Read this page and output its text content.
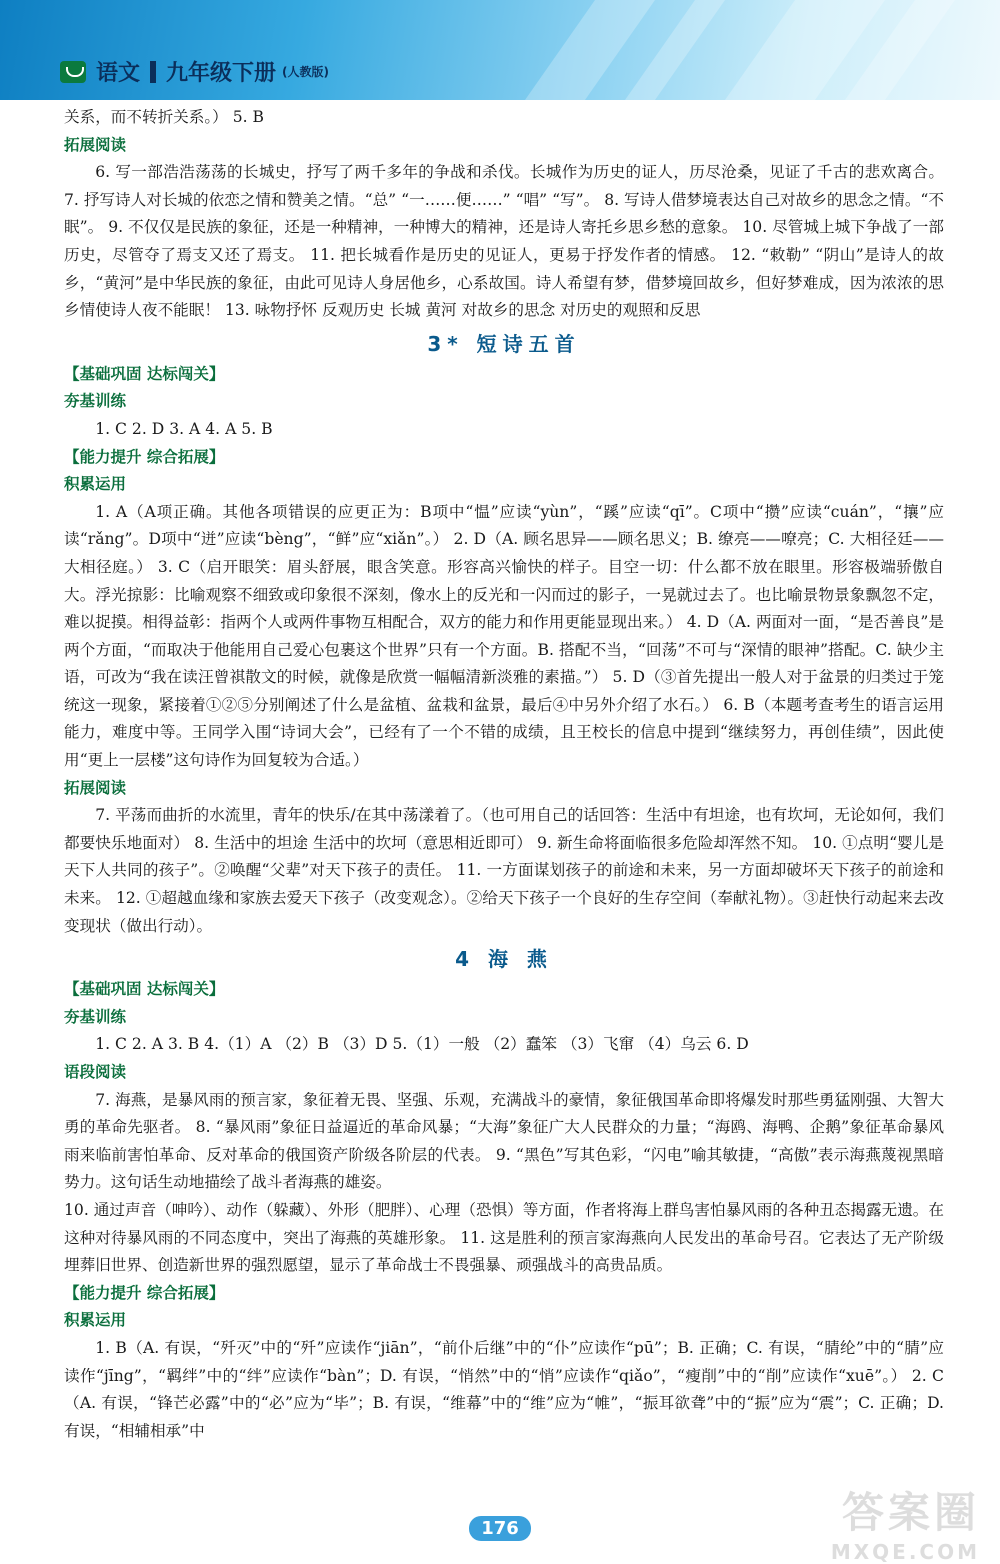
语文 九年级下册 (人教版)

关系，而不转折关系。） 5. B

拓展阅读

6. 写一部浩浩荡荡的长城史，抒写了两千多年的争战和杀伐。长城作为历史的证人，历尽沧桑，见证了千古的悲欢离合。 7. 抒写诗人对长城的依恋之情和赞美之情。“总” “一……便……” “唱” “写”。 8. 写诗人借梦境表达自己对故乡的思念之情。“不眠”。 9. 不仅仅是民族的象征，还是一种精神，一种博大的精神，还是诗人寄托乡思乡愁的意象。 10. 尽管城上城下争战了一部历史，尽管夺了焉支又还了焉支。 11. 把长城看作是历史的见证人，更易于抒发作者的情感。 12. “敕勒” “阴山”是诗人的故乡，“黄河”是中华民族的象征，由此可见诗人身居他乡，心系故国。诗人希望有梦，借梦境回故乡，但好梦难成，因为浓浓的思乡情使诗人夜不能眠！ 13. 咏物抒怀 反观历史 长城 黄河 对故乡的思念 对历史的观照和反思

3* 短诗五首

【基础巩固 达标闯关】

夯基训练

1. C 2. D 3. A 4. A 5. B

【能力提升 综合拓展】

积累运用

1. A（A项正确。其他各项错误的应更正为：B项中“愠”应读“yùn”，“蹊”应读“qī”。C项中“攒”应读“cuán”，“攘”应读“rǎng”。D项中“迸”应读“bèng”，“鲜”应“xiǎn”。） 2. D（A. 顾名思异——顾名思义；B. 缭亮——嘹亮；C. 大相径廷——大相径庭。） 3. C（启开眼笑：眉头舒展，眼含笑意。形容高兴愉快的样子。目空一切：什么都不放在眼里。形容极端骄傲自大。浮光掠影：比喻观察不细致或印象很不深刻，像水上的反光和一闪而过的影子，一晃就过去了。也比喻景物景象飘忽不定，难以捉摸。相得益彰：指两个人或两件事物互相配合，双方的能力和作用更能显现出来。） 4. D（A. 两面对一面，“是否善良”是两个方面，“而取决于他能用自己爱心包裹这个世界”只有一个方面。B. 搭配不当，“回荡”不可与“深情的眼神”搭配。C. 缺少主语，可改为“我在读汪曾祺散文的时候，就像是欣赏一幅幅清新淡雅的素描。”） 5. D（③首先提出一般人对于盆景的归类过于笼统这一现象，紧接着①②⑤分别阐述了什么是盆植、盆栽和盆景，最后④中另外介绍了水石。） 6. B（本题考查考生的语言运用能力，难度中等。王同学入围“诗词大会”，已经有了一个不错的成绩，且王校长的信息中提到“继续努力，再创佳绩”，因此使用“更上一层楼”这句诗作为回复较为合适。）

拓展阅读

7. 平荡而曲折的水流里，青年的快乐/在其中荡漾着了。（也可用自己的话回答：生活中有坦途，也有坎坷，无论如何，我们都要快乐地面对） 8. 生活中的坦途 生活中的坎坷（意思相近即可） 9. 新生命将面临很多危险却浑然不知。 10. ①点明“婴儿是天下人共同的孩子”。②唤醒“父辈”对天下孩子的责任。 11. 一方面谋划孩子的前途和未来，另一方面却破坏天下孩子的前途和未来。 12. ①超越血缘和家族去爱天下孩子（改变观念）。②给天下孩子一个良好的生存空间（奉献礼物）。③赶快行动起来去改变现状（做出行动）。

4 海 燕

【基础巩固 达标闯关】

夯基训练

1. C 2. A 3. B 4.（1）A （2）B （3）D 5.（1）一般 （2）蠢笨 （3）飞窜 （4）乌云 6. D

语段阅读

7. 海燕，是暴风雨的预言家，象征着无畏、坚强、乐观，充满战斗的豪情，象征俄国革命即将爆发时那些勇猛刚强、大智大勇的革命先驱者。 8. “暴风雨”象征日益逼近的革命风暴；“大海”象征广大人民群众的力量；“海鸥、海鸭、企鹅”象征革命暴风雨来临前害怕革命、反对革命的俄国资产阶级各阶层的代表。 9. “黑色”写其色彩，“闪电”喻其敏捷，“高傲”表示海燕蔑视黑暗势力。这句话生动地描绘了战斗者海燕的雄姿。

10. 通过声音（呻吟）、动作（躲藏）、外形（肥胖）、心理（恐惧）等方面，作者将海上群鸟害怕暴风雨的各种丑态揭露无遗。在这种对待暴风雨的不同态度中，突出了海燕的英雄形象。 11. 这是胜利的预言家海燕向人民发出的革命号召。它表达了无产阶级埋葬旧世界、创造新世界的强烈愿望，显示了革命战士不畏强暴、顽强战斗的高贵品质。

【能力提升 综合拓展】

积累运用

1. B（A. 有误，“歼灭”中的“歼”应读作“jiān”，“前仆后继”中的“仆”应读作“pū”；B. 正确；C. 有误，“腈纶”中的“腈”应读作“jīng”，“羁绊”中的“绊”应读作“bàn”；D. 有误，“悄然”中的“悄”应读作“qiǎo”，“瘦削”中的“削”应读作“xuē”。） 2. C（A. 有误，“锋芒必露”中的“必”应为“毕”；B. 有误，“维幕”中的“维”应为“帷”，“振耳欲聋”中的“振”应为“震”；C. 正确；D. 有误，“相辅相承”中

176	答案圈
MXQE.COM
